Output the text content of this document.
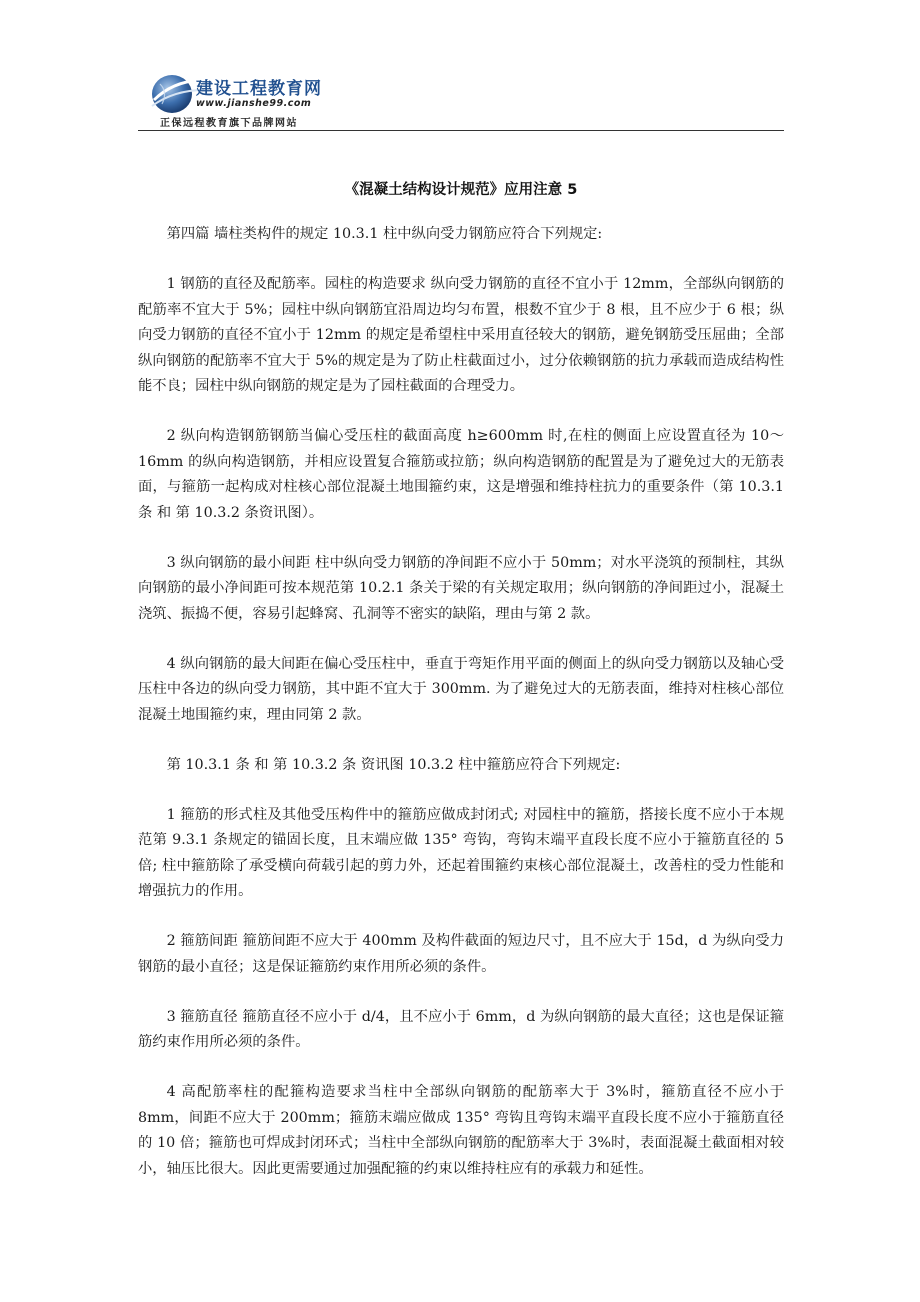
建设工程教育网
www.jianshe99.com
正保远程教育旗下品牌网站
《混凝土结构设计规范》应用注意 5

第四篇 墙柱类构件的规定 10.3.1 柱中纵向受力钢筋应符合下列规定:

1 钢筋的直径及配筋率。园柱的构造要求 纵向受力钢筋的直径不宜小于 12mm，全部纵向钢筋的配筋率不宜大于 5%；园柱中纵向钢筋宜沿周边均匀布置，根数不宜少于 8 根，且不应少于 6 根；纵向受力钢筋的直径不宜小于 12mm 的规定是希望柱中采用直径较大的钢筋，避免钢筋受压屈曲；全部纵向钢筋的配筋率不宜大于 5%的规定是为了防止柱截面过小，过分依赖钢筋的抗力承载而造成结构性能不良；园柱中纵向钢筋的规定是为了园柱截面的合理受力。

2 纵向构造钢筋钢筋当偏心受压柱的截面高度 h≥600mm 时,在柱的侧面上应设置直径为 10～16mm 的纵向构造钢筋，并相应设置复合箍筋或拉筋；纵向构造钢筋的配置是为了避免过大的无筋表面，与箍筋一起构成对柱核心部位混凝土地围箍约束，这是增强和维持柱抗力的重要条件（第 10.3.1 条 和 第 10.3.2 条资讯图）。

3 纵向钢筋的最小间距 柱中纵向受力钢筋的净间距不应小于 50mm；对水平浇筑的预制柱，其纵向钢筋的最小净间距可按本规范第 10.2.1 条关于梁的有关规定取用；纵向钢筋的净间距过小，混凝土浇筑、振捣不便，容易引起蜂窝、孔洞等不密实的缺陷，理由与第 2 款。

4 纵向钢筋的最大间距在偏心受压柱中，垂直于弯矩作用平面的侧面上的纵向受力钢筋以及轴心受压柱中各边的纵向受力钢筋，其中距不宜大于 300mm. 为了避免过大的无筋表面，维持对柱核心部位混凝土地围箍约束，理由同第 2 款。

第 10.3.1 条 和 第 10.3.2 条 资讯图 10.3.2 柱中箍筋应符合下列规定:

1 箍筋的形式柱及其他受压构件中的箍筋应做成封闭式; 对园柱中的箍筋，搭接长度不应小于本规范第 9.3.1 条规定的锚固长度，且末端应做 135° 弯钩，弯钩末端平直段长度不应小于箍筋直径的 5 倍; 柱中箍筋除了承受横向荷载引起的剪力外，还起着围箍约束核心部位混凝土，改善柱的受力性能和增强抗力的作用。

2 箍筋间距 箍筋间距不应大于 400mm 及构件截面的短边尺寸，且不应大于 15d，d 为纵向受力钢筋的最小直径；这是保证箍筋约束作用所必须的条件。

3 箍筋直径 箍筋直径不应小于 d/4，且不应小于 6mm，d 为纵向钢筋的最大直径；这也是保证箍筋约束作用所必须的条件。

4 高配筋率柱的配箍构造要求当柱中全部纵向钢筋的配筋率大于 3%时，箍筋直径不应小于 8mm，间距不应大于 200mm；箍筋末端应做成 135° 弯钩且弯钩末端平直段长度不应小于箍筋直径的 10 倍；箍筋也可焊成封闭环式；当柱中全部纵向钢筋的配筋率大于 3%时，表面混凝土截面相对较小，轴压比很大。因此更需要通过加强配箍的约束以维持柱应有的承载力和延性。
